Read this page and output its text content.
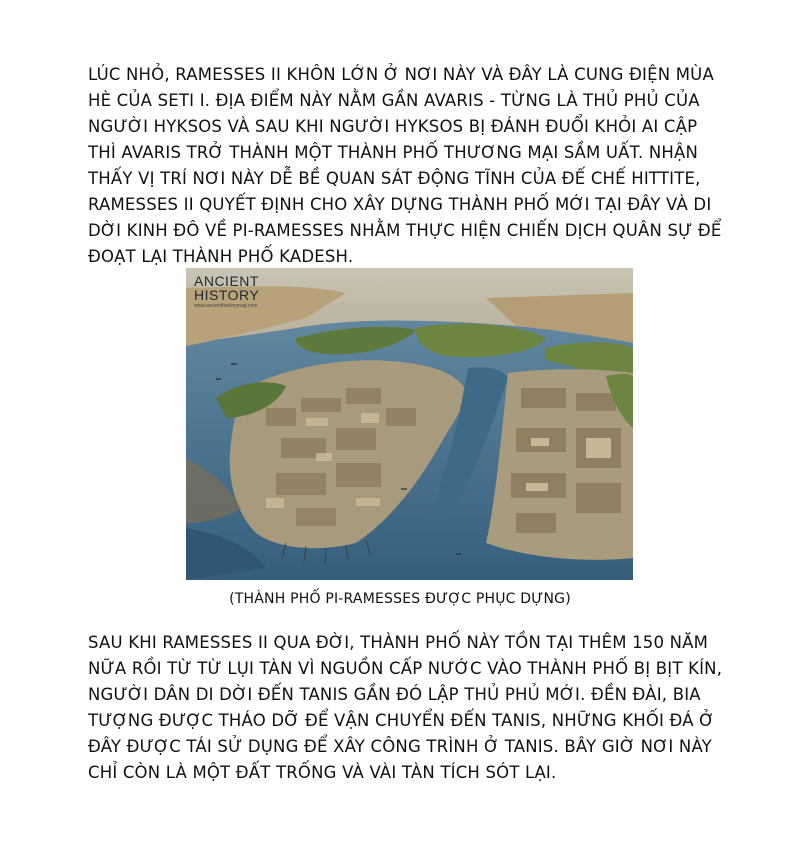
LÚC NHỎ, RAMESSES II KHÔN LỚN Ở NƠI NÀY VÀ ĐÂY LÀ CUNG ĐIỆN MÙA
HÈ CỦA SETI I. ĐỊA ĐIỂM NÀY NẰM GẦN AVARIS - TỪNG LÀ THỦ PHỦ CỦA
NGƯỜI HYKSOS VÀ SAU KHI NGƯỜI HYKSOS BỊ ĐÁNH ĐUỔI KHỎI AI CẬP
THÌ AVARIS TRỞ THÀNH MỘT THÀNH PHỐ THƯƠNG MẠI SẦM UẤT. NHẬN
THẤY VỊ TRÍ NƠI NÀY DỄ BỀ QUAN SÁT ĐỘNG TĨNH CỦA ĐẾ CHẾ HITTITE,
RAMESSES II QUYẾT ĐỊNH CHO XÂY DỰNG THÀNH PHỐ MỚI TẠI ĐÂY VÀ DI
DỜI KINH ĐÔ VỀ PI-RAMESSES NHẰM THỰC HIỆN CHIẾN DỊCH QUÂN SỰ ĐỂ
ĐOẠT LẠI THÀNH PHỐ KADESH.
ANCIENT
HISTORY
www.ancienthistorymag.com
(THÀNH PHỐ PI-RAMESSES ĐƯỢC PHỤC DỰNG)
SAU KHI RAMESSES II QUA ĐỜI, THÀNH PHỐ NÀY TỒN TẠI THÊM 150 NĂM
NỮA RỒI TỪ TỪ LỤI TÀN VÌ NGUỒN CẤP NƯỚC VÀO THÀNH PHỐ BỊ BỊT KÍN,
NGƯỜI DÂN DI DỜI ĐẾN TANIS GẦN ĐÓ LẬP THỦ PHỦ MỚI. ĐỀN ĐÀI, BIA
TƯỢNG ĐƯỢC THÁO DỠ ĐỂ VẬN CHUYỂN ĐẾN TANIS, NHỮNG KHỐI ĐÁ Ở
ĐÂY ĐƯỢC TÁI SỬ DỤNG ĐỂ XÂY CÔNG TRÌNH Ở TANIS. BÂY GIỜ NƠI NÀY
CHỈ CÒN LÀ MỘT ĐẤT TRỐNG VÀ VÀI TÀN TÍCH SÓT LẠI.
